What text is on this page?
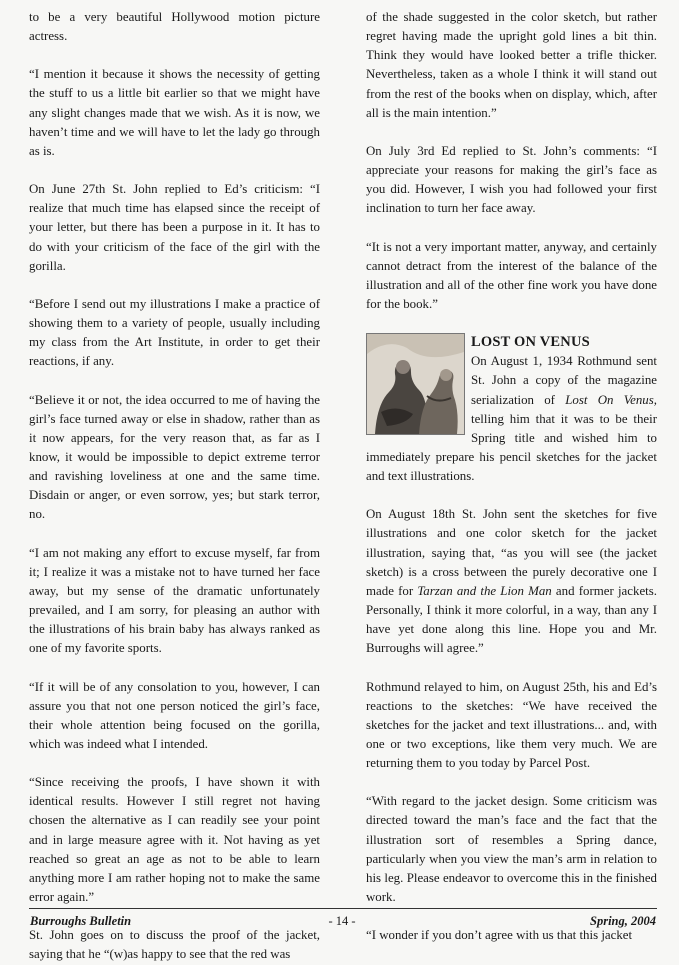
to be a very beautiful Hollywood motion picture actress.

“I mention it because it shows the necessity of getting the stuff to us a little bit earlier so that we might have any slight changes made that we wish. As it is now, we haven’t time and we will have to let the lady go through as is.

On June 27th St. John replied to Ed’s criticism: “I realize that much time has elapsed since the receipt of your letter, but there has been a purpose in it. It has to do with your criticism of the face of the girl with the gorilla.

“Before I send out my illustrations I make a practice of showing them to a variety of people, usually including my class from the Art Institute, in order to get their reactions, if any.

“Believe it or not, the idea occurred to me of having the girl’s face turned away or else in shadow, rather than as it now appears, for the very reason that, as far as I know, it would be impossible to depict extreme terror and ravishing loveliness at one and the same time. Disdain or anger, or even sorrow, yes; but stark terror, no.

“I am not making any effort to excuse myself, far from it; I realize it was a mistake not to have turned her face away, but my sense of the dramatic unfortunately prevailed, and I am sorry, for pleasing an author with the illustrations of his brain baby has always ranked as one of my favorite sports.

“If it will be of any consolation to you, however, I can assure you that not one person noticed the girl’s face, their whole attention being focused on the gorilla, which was indeed what I intended.

“Since receiving the proofs, I have shown it with identical results. However I still regret not having chosen the alternative as I can readily see your point and in large measure agree with it. Not having as yet reached so great an age as not to be able to learn anything more I am rather hoping not to make the same error again.”

St. John goes on to discuss the proof of the jacket, saying that he “(w)as happy to see that the red was

of the shade suggested in the color sketch, but rather regret having made the upright gold lines a bit thin. Think they would have looked better a trifle thicker. Nevertheless, taken as a whole I think it will stand out from the rest of the books when on display, which, after all is the main intention.”

On July 3rd Ed replied to St. John’s comments: “I appreciate your reasons for making the girl’s face as you did. However, I wish you had followed your first inclination to turn her face away.

“It is not a very important matter, anyway, and certainly cannot detract from the interest of the balance of the illustration and all of the other fine work you have done for the book.”

LOST ON VENUS

On August 1, 1934 Rothmund sent St. John a copy of the magazine serialization of Lost On Venus, telling him that it was to be their Spring title and wished him to immediately prepare his pencil sketches for the jacket and text illustrations.

On August 18th St. John sent the sketches for five illustrations and one color sketch for the jacket illustration, saying that, “as you will see (the jacket sketch) is a cross between the purely decorative one I made for Tarzan and the Lion Man and former jackets. Personally, I think it more colorful, in a way, than any I have yet done along this line. Hope you and Mr. Burroughs will agree.”

Rothmund relayed to him, on August 25th, his and Ed’s reactions to the sketches: “We have received the sketches for the jacket and text illustrations... and, with one or two exceptions, like them very much. We are returning them to you today by Parcel Post.

“With regard to the jacket design. Some criticism was directed toward the man’s face and the fact that the illustration sort of resembles a Spring dance, particularly when you view the man’s arm in relation to his leg. Please endeavor to overcome this in the finished work.

“I wonder if you don’t agree with us that this jacket

Burroughs Bulletin	- 14 -	Spring, 2004
